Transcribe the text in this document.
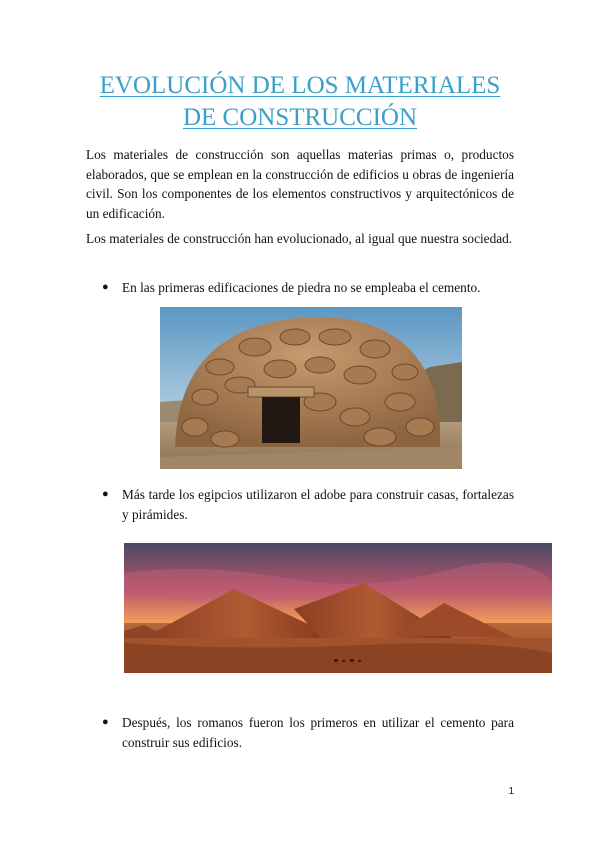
EVOLUCIÓN DE LOS MATERIALES
DE CONSTRUCCIÓN
Los materiales de construcción son aquellas materias primas o, productos elaborados, que se emplean en la construcción de edificios u obras de ingeniería civil. Son los componentes de los elementos constructivos y arquitectónicos de un edificación.
Los materiales de construcción han evolucionado, al igual que nuestra sociedad.
●	En las primeras edificaciones de piedra no se empleaba el cemento.
●	Más tarde los egipcios utilizaron el adobe para construir casas, fortalezas y pirámides.
●	Después, los romanos fueron los primeros en utilizar el cemento para construir sus edificios.
1
